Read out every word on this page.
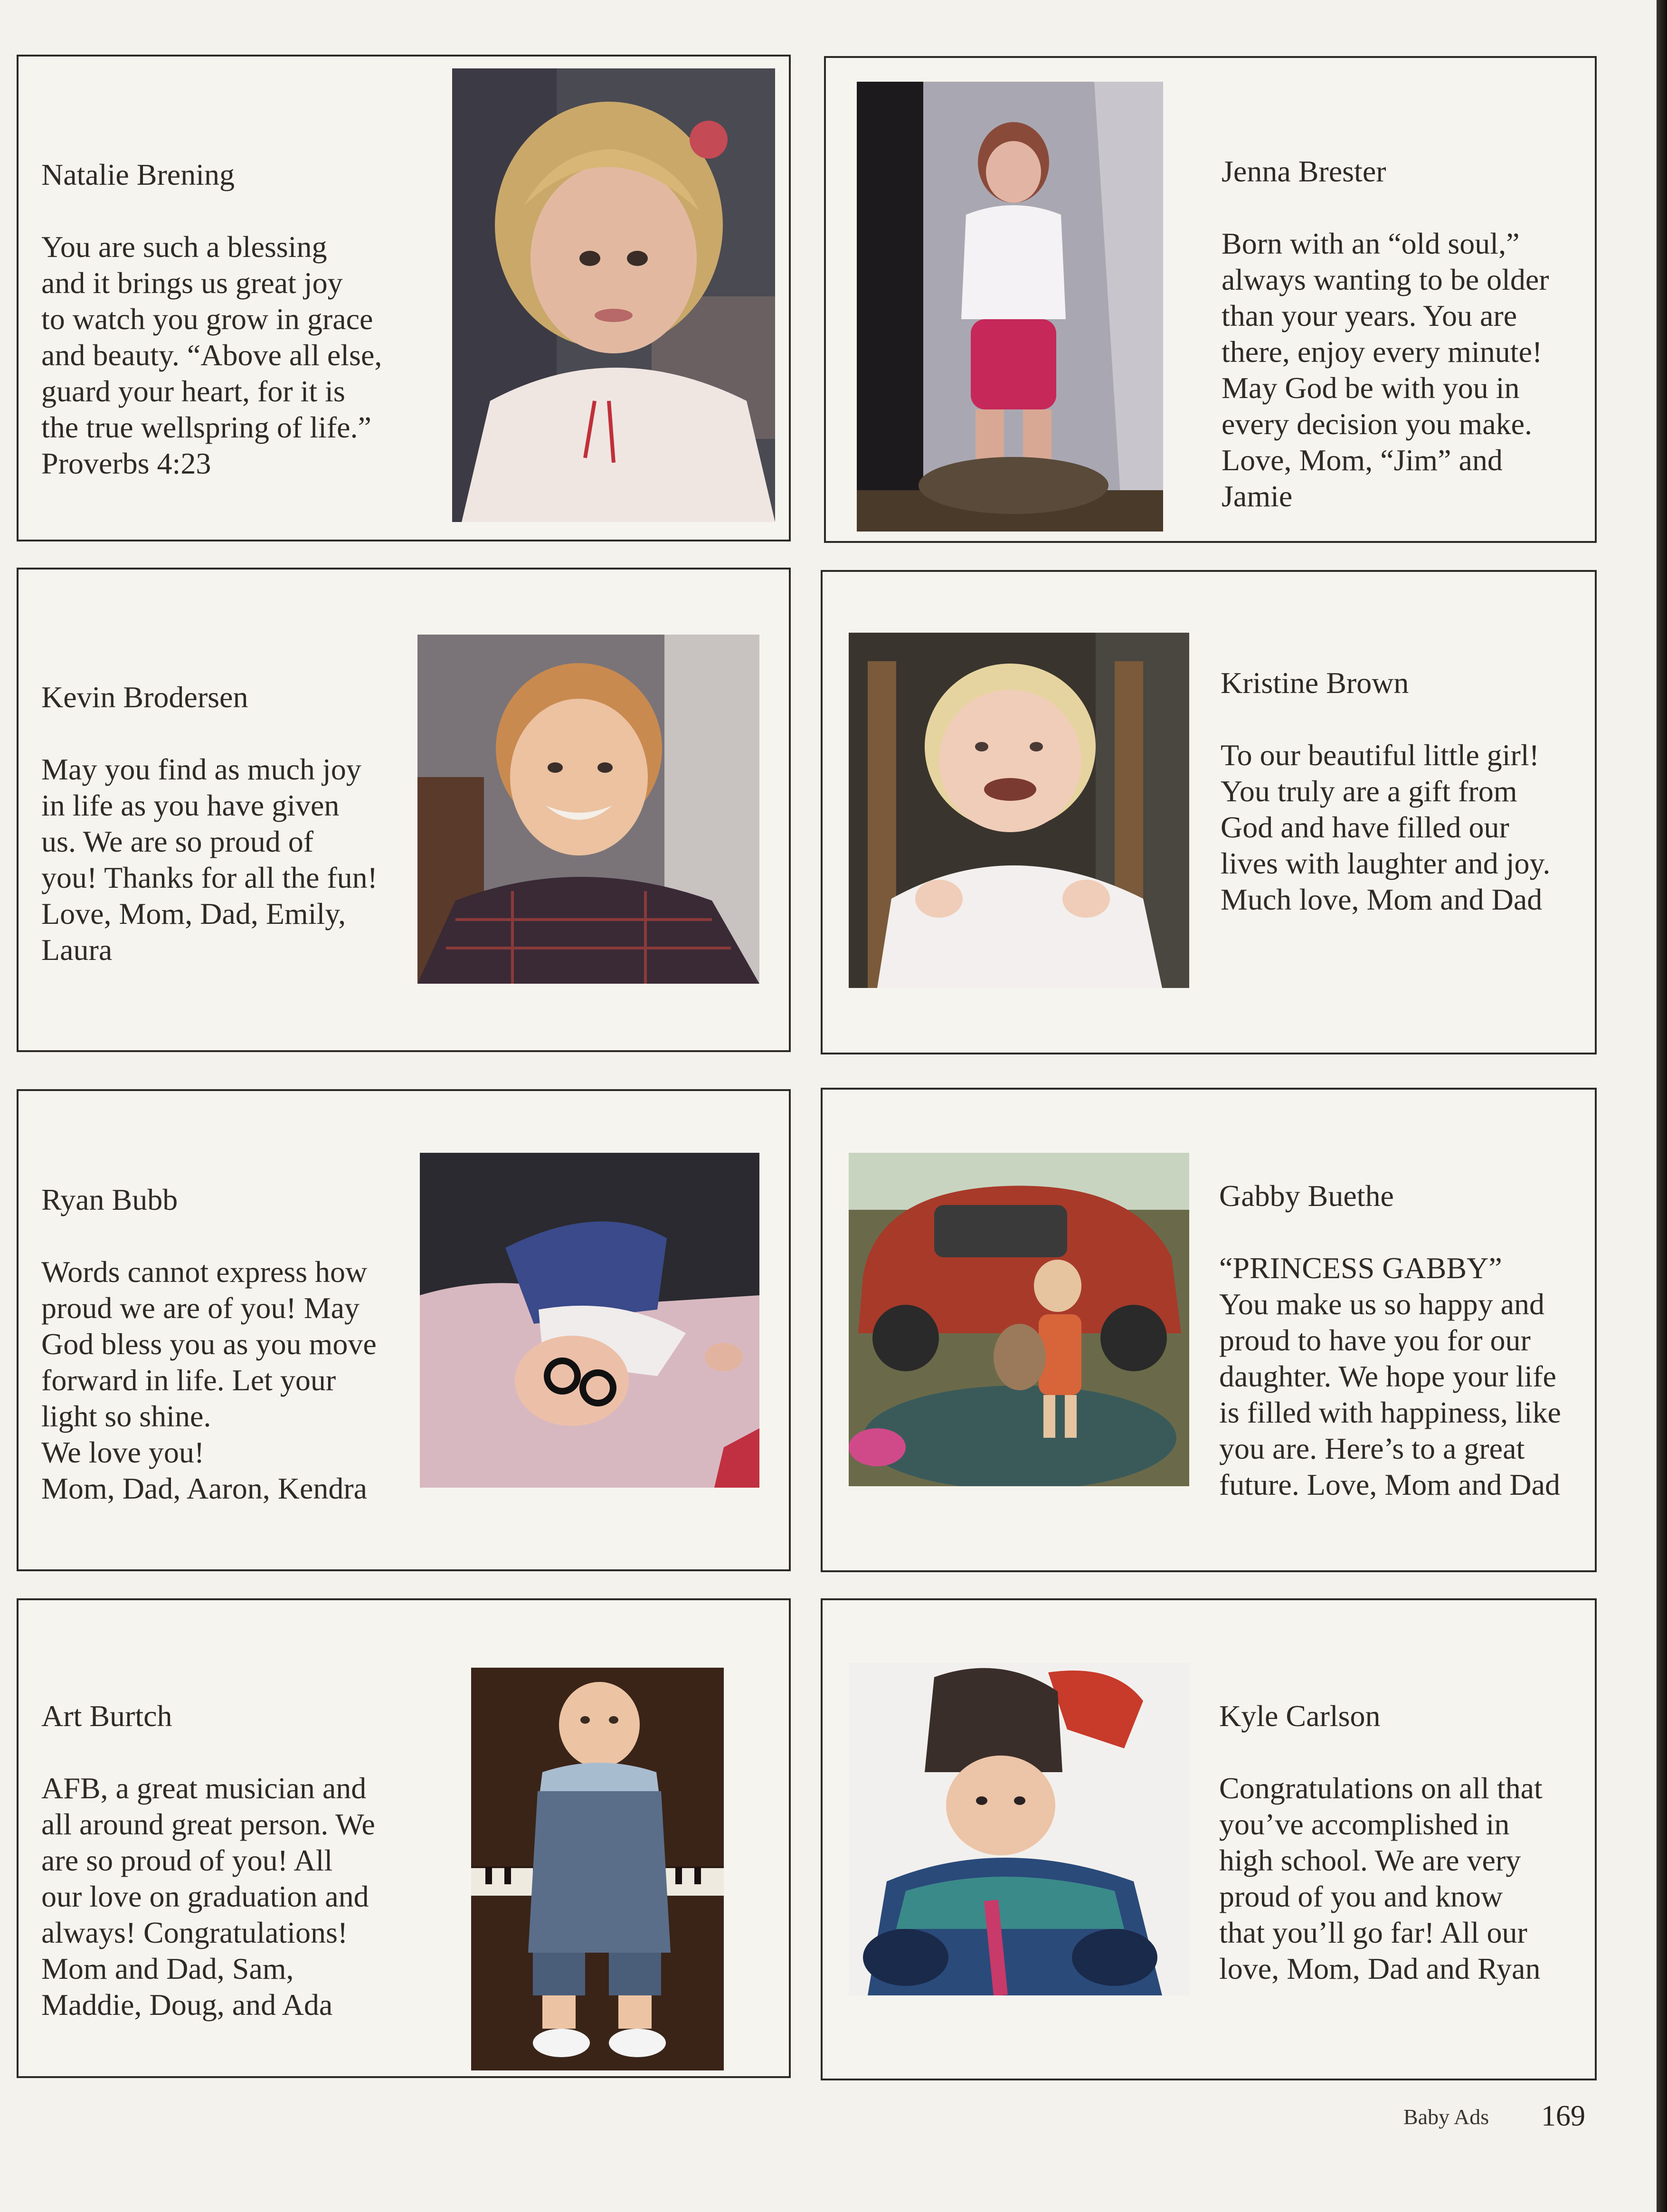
Natalie Brening

You are such a blessing
and it brings us great joy
to watch you grow in grace
and beauty. “Above all else,
guard your heart, for it is
the true wellspring of life.”
Proverbs 4:23

Jenna Brester

Born with an “old soul,”
always wanting to be older
than your years. You are
there, enjoy every minute!
May God be with you in
every decision you make.
Love, Mom, “Jim” and
Jamie

Kevin Brodersen

May you find as much joy
in life as you have given
us. We are so proud of
you! Thanks for all the fun!
Love, Mom, Dad, Emily,
Laura

Kristine Brown

To our beautiful little girl!
You truly are a gift from
God and have filled our
lives with laughter and joy.
Much love, Mom and Dad

Ryan Bubb

Words cannot express how
proud we are of you! May
God bless you as you move
forward in life. Let your
light so shine.
We love you!
Mom, Dad, Aaron, Kendra

Gabby Buethe

“PRINCESS GABBY”
You make us so happy and
proud to have you for our
daughter. We hope your life
is filled with happiness, like
you are. Here’s to a great
future. Love, Mom and Dad

Art Burtch

AFB, a great musician and
all around great person. We
are so proud of you! All
our love on graduation and
always! Congratulations!
Mom and Dad, Sam,
Maddie, Doug, and Ada

Kyle Carlson

Congratulations on all that
you’ve accomplished in
high school. We are very
proud of you and know
that you’ll go far! All our
love, Mom, Dad and Ryan

Baby Ads 169
